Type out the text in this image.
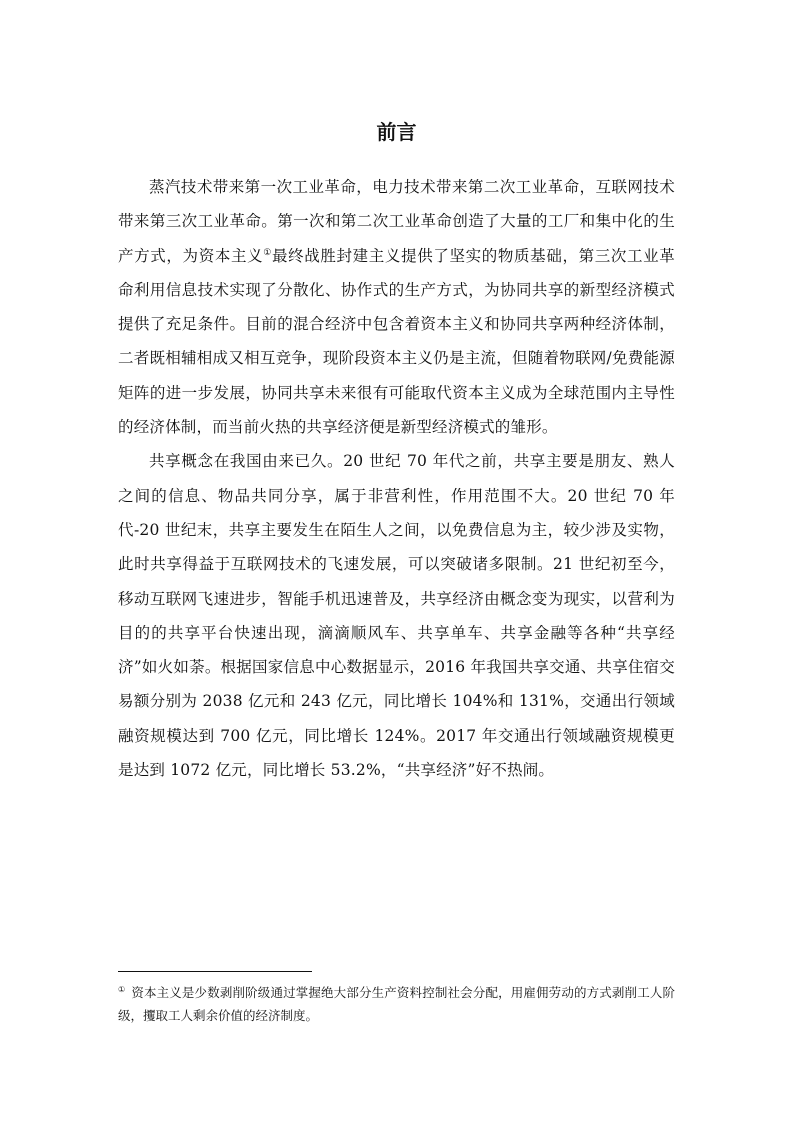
前言

蒸汽技术带来第一次工业革命，电力技术带来第二次工业革命，互联网技术带来第三次工业革命。第一次和第二次工业革命创造了大量的工厂和集中化的生产方式，为资本主义①最终战胜封建主义提供了坚实的物质基础，第三次工业革命利用信息技术实现了分散化、协作式的生产方式，为协同共享的新型经济模式提供了充足条件。目前的混合经济中包含着资本主义和协同共享两种经济体制，二者既相辅相成又相互竞争，现阶段资本主义仍是主流，但随着物联网/免费能源矩阵的进一步发展，协同共享未来很有可能取代资本主义成为全球范围内主导性的经济体制，而当前火热的共享经济便是新型经济模式的雏形。

共享概念在我国由来已久。20 世纪 70 年代之前，共享主要是朋友、熟人之间的信息、物品共同分享，属于非营利性，作用范围不大。20 世纪 70 年代-20 世纪末，共享主要发生在陌生人之间，以免费信息为主，较少涉及实物，此时共享得益于互联网技术的飞速发展，可以突破诸多限制。21 世纪初至今，移动互联网飞速进步，智能手机迅速普及，共享经济由概念变为现实，以营利为目的的共享平台快速出现，滴滴顺风车、共享单车、共享金融等各种“共享经济”如火如荼。根据国家信息中心数据显示，2016 年我国共享交通、共享住宿交易额分别为 2038 亿元和 243 亿元，同比增长 104%和 131%，交通出行领域融资规模达到 700 亿元，同比增长 124%。2017 年交通出行领域融资规模更是达到 1072 亿元，同比增长 53.2%，“共享经济”好不热闹。

① 资本主义是少数剥削阶级通过掌握绝大部分生产资料控制社会分配，用雇佣劳动的方式剥削工人阶级，攫取工人剩余价值的经济制度。
